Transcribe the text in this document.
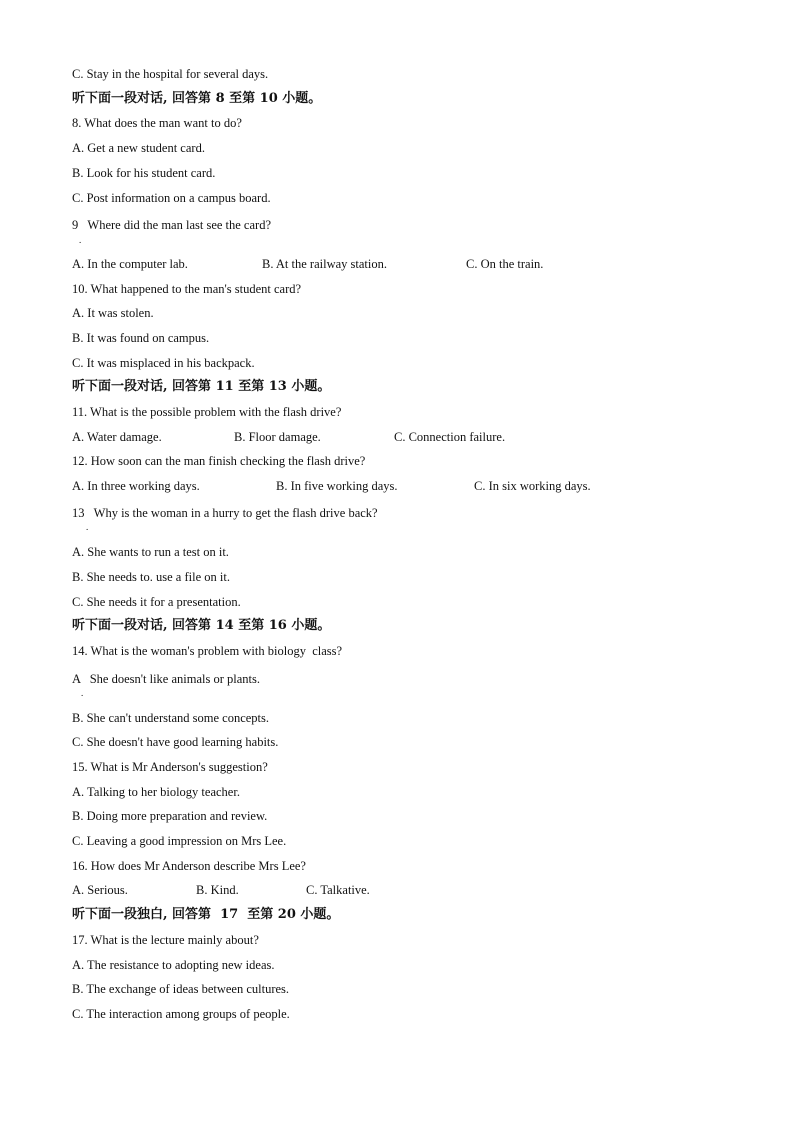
C. Stay in the hospital for several days.
听下面一段对话, 回答第 8 至第 10 小题。
8. What does the man want to do?
A. Get a new student card.
B. Look for his student card.
C. Post information on a campus board.
9   Where did the man last see the card?
.
A. In the computer lab.	B. At the railway station.	C. On the train.
10. What happened to the man's student card?
A. It was stolen.
B. It was found on campus.
C. It was misplaced in his backpack.
听下面一段对话, 回答第 11 至第 13 小题。
11. What is the possible problem with the flash drive?
A. Water damage.	B. Floor damage.	C. Connection failure.
12. How soon can the man finish checking the flash drive?
A. In three working days.	B. In five working days.	C. In six working days.
13   Why is the woman in a hurry to get the flash drive back?
.
A. She wants to run a test on it.
B. She needs to. use a file on it.
C. She needs it for a presentation.
听下面一段对话, 回答第 14 至第 16 小题。
14. What is the woman's problem with biology  class?
A   She doesn't like animals or plants.
.
B. She can't understand some concepts.
C. She doesn't have good learning habits.
15. What is Mr Anderson's suggestion?
A. Talking to her biology teacher.
B. Doing more preparation and review.
C. Leaving a good impression on Mrs Lee.
16. How does Mr Anderson describe Mrs Lee?
A. Serious.	B. Kind.	C. Talkative.
听下面一段独白, 回答第  17  至第 20 小题。
17. What is the lecture mainly about?
A. The resistance to adopting new ideas.
B. The exchange of ideas between cultures.
C. The interaction among groups of people.
